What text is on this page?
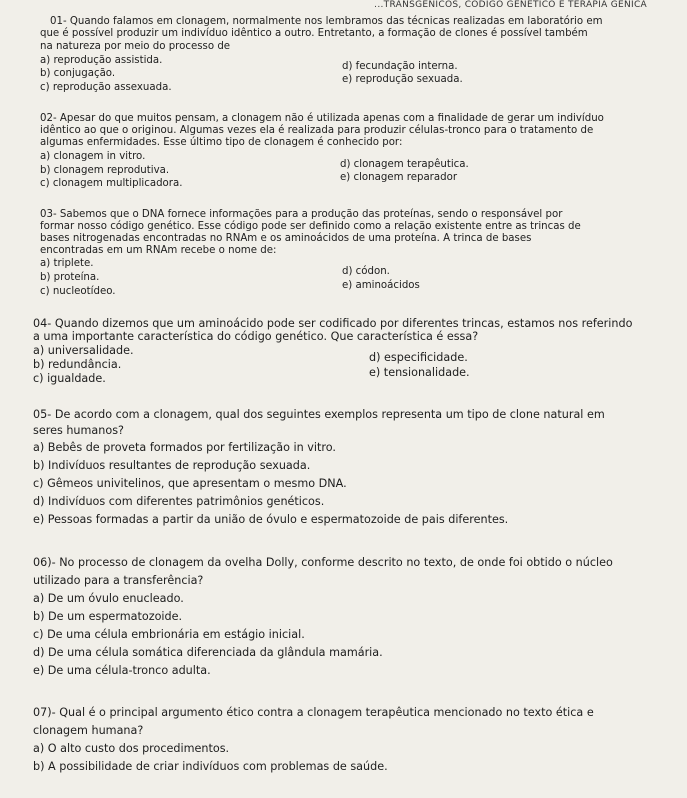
...TRANSGÊNICOS, CÓDIGO GENÉTICO E TERAPIA GÊNICA
01- Quando falamos em clonagem, normalmente nos lembramos das técnicas realizadas em laboratório em
que é possível produzir um indivíduo idêntico a outro. Entretanto, a formação de clones é possível também
na natureza por meio do processo de
a) reprodução assistida.
b) conjugação.
c) reprodução assexuada.
d) fecundação interna.
e) reprodução sexuada.
02- Apesar do que muitos pensam, a clonagem não é utilizada apenas com a finalidade de gerar um indivíduo
idêntico ao que o originou. Algumas vezes ela é realizada para produzir células-tronco para o tratamento de
algumas enfermidades. Esse último tipo de clonagem é conhecido por:
a) clonagem in vitro.
b) clonagem reprodutiva.
c) clonagem multiplicadora.
d) clonagem terapêutica.
e) clonagem reparador
03- Sabemos que o DNA fornece informações para a produção das proteínas, sendo o responsável por
formar nosso código genético. Esse código pode ser definido como a relação existente entre as trincas de
bases nitrogenadas encontradas no RNAm e os aminoácidos de uma proteína. A trinca de bases
encontradas em um RNAm recebe o nome de:
a) triplete.
b) proteína.
c) nucleotídeo.
d) códon.
e) aminoácidos
04- Quando dizemos que um aminoácido pode ser codificado por diferentes trincas, estamos nos referindo
a uma importante característica do código genético. Que característica é essa?
a) universalidade.
b) redundância.
c) igualdade.
d) especificidade.
e) tensionalidade.
05- De acordo com a clonagem, qual dos seguintes exemplos representa um tipo de clone natural em
seres humanos?
a) Bebês de proveta formados por fertilização in vitro.
b) Indivíduos resultantes de reprodução sexuada.
c) Gêmeos univitelinos, que apresentam o mesmo DNA.
d) Indivíduos com diferentes patrimônios genéticos.
e) Pessoas formadas a partir da união de óvulo e espermatozoide de pais diferentes.
06)- No processo de clonagem da ovelha Dolly, conforme descrito no texto, de onde foi obtido o núcleo
utilizado para a transferência?
a) De um óvulo enucleado.
b) De um espermatozoide.
c) De uma célula embrionária em estágio inicial.
d) De uma célula somática diferenciada da glândula mamária.
e) De uma célula-tronco adulta.
07)- Qual é o principal argumento ético contra a clonagem terapêutica mencionado no texto ética e
clonagem humana?
a) O alto custo dos procedimentos.
b) A possibilidade de criar indivíduos com problemas de saúde.
